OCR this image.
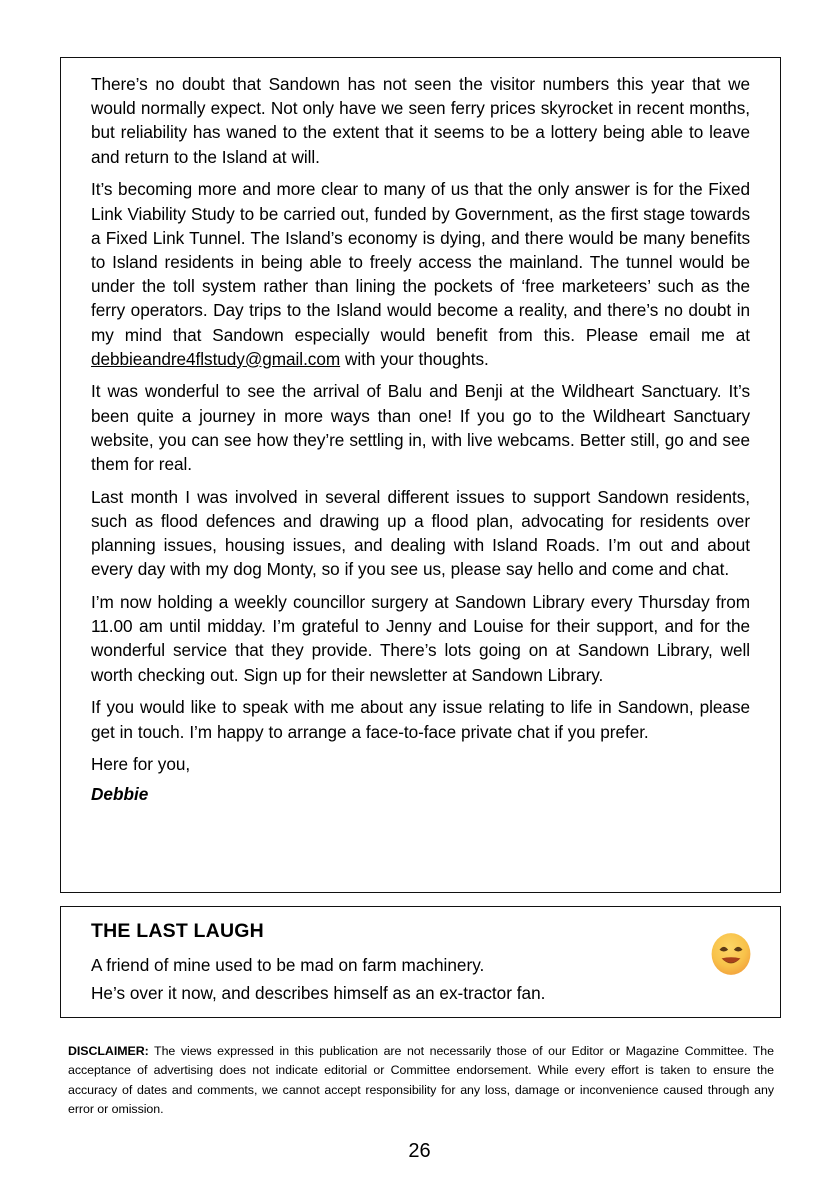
There’s no doubt that Sandown has not seen the visitor numbers this year that we would normally expect. Not only have we seen ferry prices skyrocket in recent months, but reliability has waned to the extent that it seems to be a lottery being able to leave and return to the Island at will.

It’s becoming more and more clear to many of us that the only answer is for the Fixed Link Viability Study to be carried out, funded by Government, as the first stage towards a Fixed Link Tunnel. The Island’s economy is dying, and there would be many benefits to Island residents in being able to freely access the mainland. The tunnel would be under the toll system rather than lining the pockets of ‘free marketeers’ such as the ferry operators. Day trips to the Island would become a reality, and there’s no doubt in my mind that Sandown especially would benefit from this. Please email me at debbieandre4flstudy@gmail.com with your thoughts.

It was wonderful to see the arrival of Balu and Benji at the Wildheart Sanctuary. It’s been quite a journey in more ways than one! If you go to the Wildheart Sanctuary website, you can see how they’re settling in, with live webcams. Better still, go and see them for real.

Last month I was involved in several different issues to support Sandown residents, such as flood defences and drawing up a flood plan, advocating for residents over planning issues, housing issues, and dealing with Island Roads. I’m out and about every day with my dog Monty, so if you see us, please say hello and come and chat.

I’m now holding a weekly councillor surgery at Sandown Library every Thursday from 11.00 am until midday. I’m grateful to Jenny and Louise for their support, and for the wonderful service that they provide. There’s lots going on at Sandown Library, well worth checking out. Sign up for their newsletter at Sandown Library.

If you would like to speak with me about any issue relating to life in Sandown, please get in touch. I’m happy to arrange a face-to-face private chat if you prefer.

Here for you,

Debbie

THE LAST LAUGH

A friend of mine used to be mad on farm machinery.

He’s over it now, and describes himself as an ex-tractor fan.

DISCLAIMER: The views expressed in this publication are not necessarily those of our Editor or Magazine Committee. The acceptance of advertising does not indicate editorial or Committee endorsement. While every effort is taken to ensure the accuracy of dates and comments, we cannot accept responsibility for any loss, damage or inconvenience caused through any error or omission.
26
